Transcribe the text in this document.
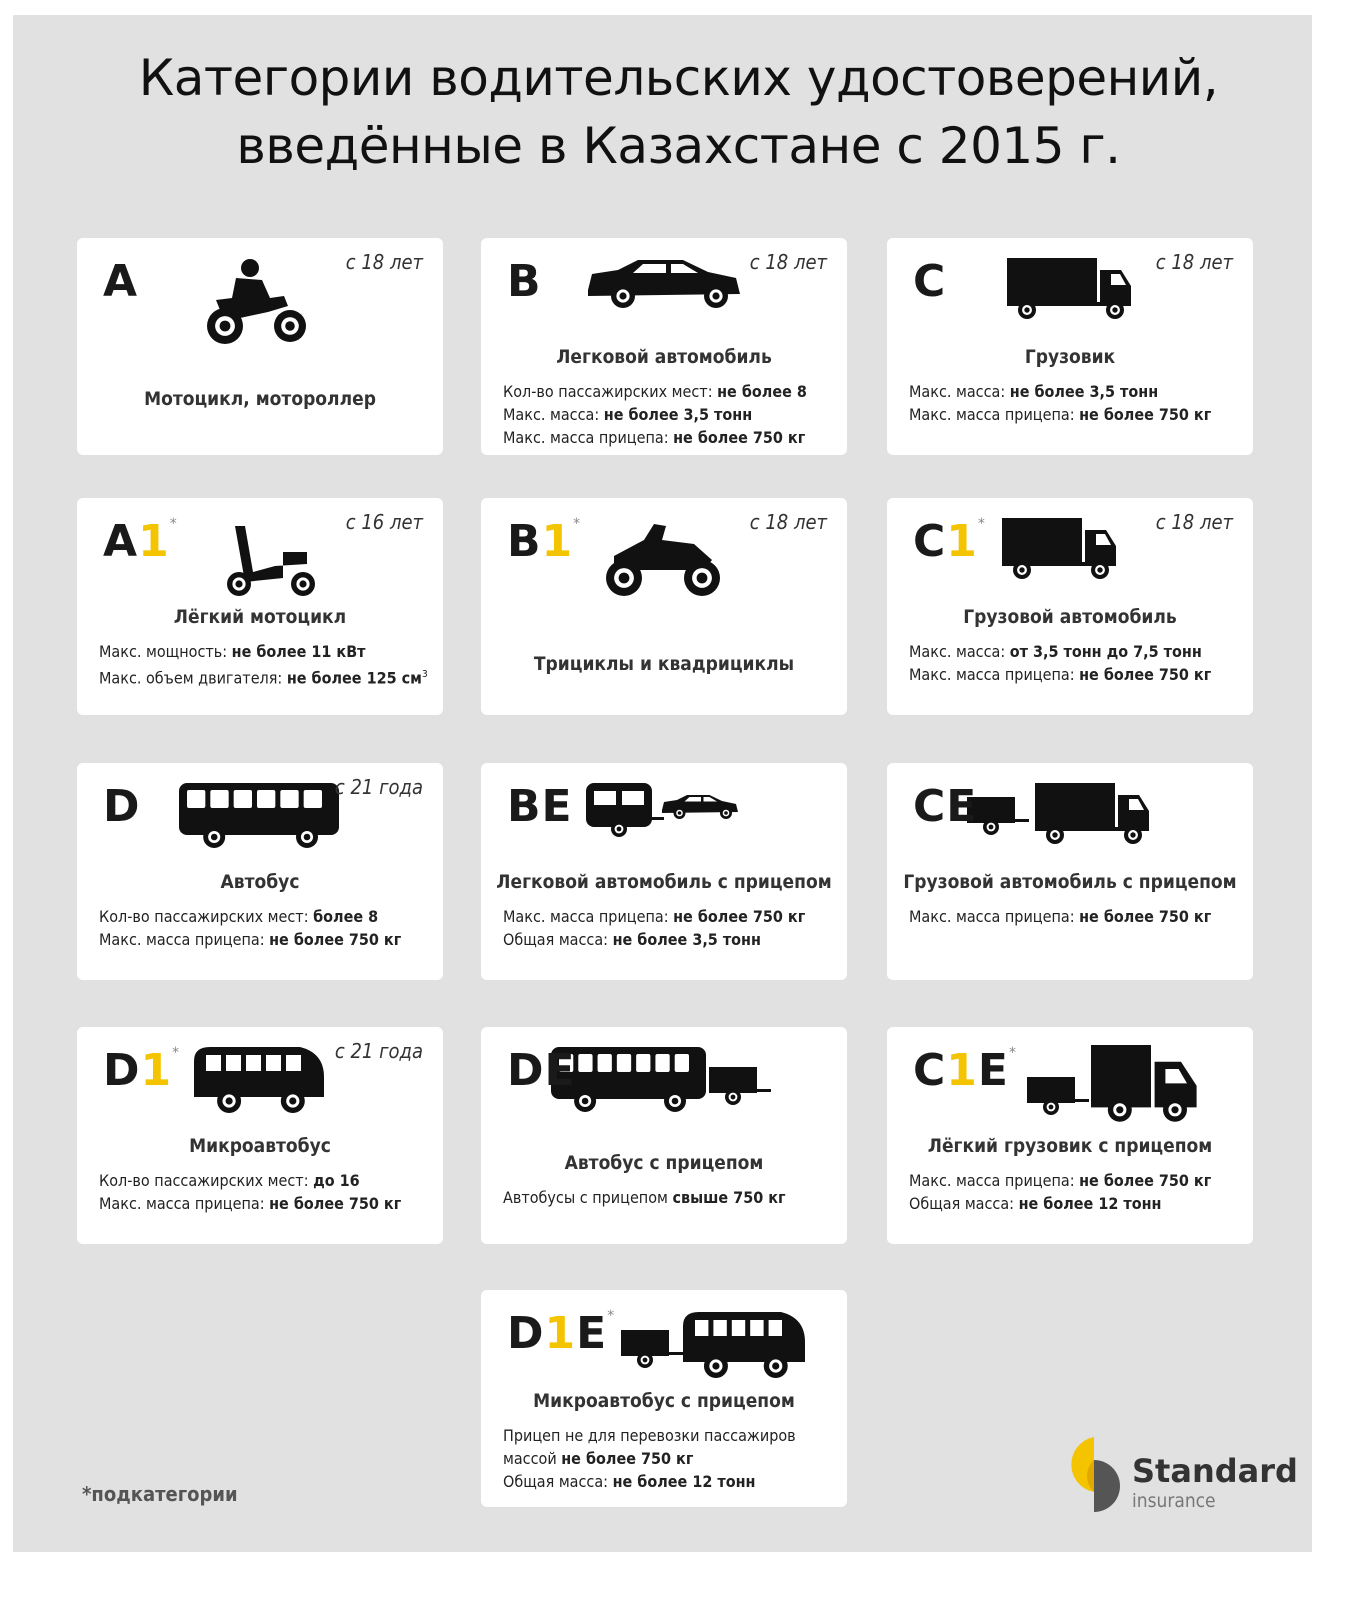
Категории водительских удостоверений,
введённые в Казахстане с 2015 г.
A	с 18 лет
Мотоцикл, мотороллер
B	с 18 лет
Легковой автомобиль
Кол-во пассажирских мест: не более 8
Макс. масса: не более 3,5 тонн
Макс. масса прицепа: не более 750 кг
C	с 18 лет
Грузовик
Макс. масса: не более 3,5 тонн
Макс. масса прицепа: не более 750 кг
A1*	с 16 лет
Лёгкий мотоцикл
Макс. мощность: не более 11 кВт
Макс. объем двигателя: не более 125 $см^3$
B1*	с 18 лет
Трициклы и квадрициклы
C1*	с 18 лет
Грузовой автомобиль
Макс. масса: от 3,5 тонн до 7,5 тонн
Макс. масса прицепа: не более 750 кг
D	с 21 года
Автобус
Кол-во пассажирских мест: более 8
Макс. масса прицепа: не более 750 кг
BE
Легковой автомобиль с прицепом
Макс. масса прицепа: не более 750 кг
Общая масса: не более 3,5 тонн
CE
Грузовой автомобиль с прицепом
Макс. масса прицепа: не более 750 кг
D1*	с 21 года
Микроавтобус
Кол-во пассажирских мест: до 16
Макс. масса прицепа: не более 750 кг
DE
Автобус с прицепом
Автобусы с прицепом свыше 750 кг
C1E*
Лёгкий грузовик с прицепом
Макс. масса прицепа: не более 750 кг
Общая масса: не более 12 тонн
D1E*
Микроавтобус с прицепом
Прицеп не для перевозки пассажиров
массой не более 750 кг
Общая масса: не более 12 тонн
*подкатегории
Standard
insurance
